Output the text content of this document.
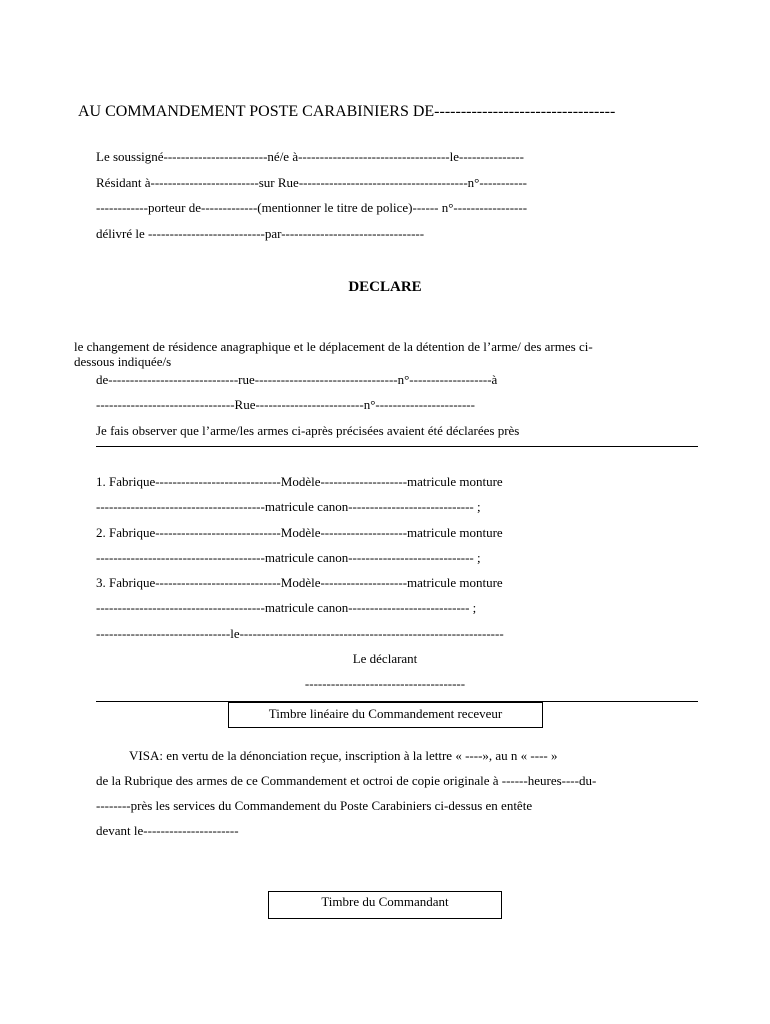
AU COMMANDEMENT POSTE CARABINIERS DE----------------------------------
Le soussigné------------------------né/e à-----------------------------------le---------------
Résidant à-------------------------sur Rue---------------------------------------n°-----------
------------porteur de-------------(mentionner le titre de police)------ n°-----------------
délivré le ---------------------------par---------------------------------
DECLARE
le changement de résidence anagraphique et le déplacement de la détention de l’arme/ des armes ci-
dessous indiquée/s
de------------------------------rue---------------------------------n°-------------------à
--------------------------------Rue-------------------------n°-----------------------
Je fais observer que l’arme/les armes ci-après précisées avaient été déclarées près
1. Fabrique-----------------------------Modèle--------------------matricule monture
---------------------------------------matricule canon----------------------------- ;
2. Fabrique-----------------------------Modèle--------------------matricule monture
---------------------------------------matricule canon----------------------------- ;
3. Fabrique-----------------------------Modèle--------------------matricule monture
---------------------------------------matricule canon---------------------------- ;
-------------------------------le-------------------------------------------------------------
Le déclarant
-------------------------------------
Timbre linéaire du Commandement receveur
VISA: en vertu de la dénonciation reçue, inscription à la lettre « ----», au n « ---- »
de la Rubrique des armes de ce Commandement et octroi de copie originale à ------heures----du-
--------près les services du Commandement du Poste Carabiniers ci-dessus en entête
devant le----------------------
Timbre du Commandant
